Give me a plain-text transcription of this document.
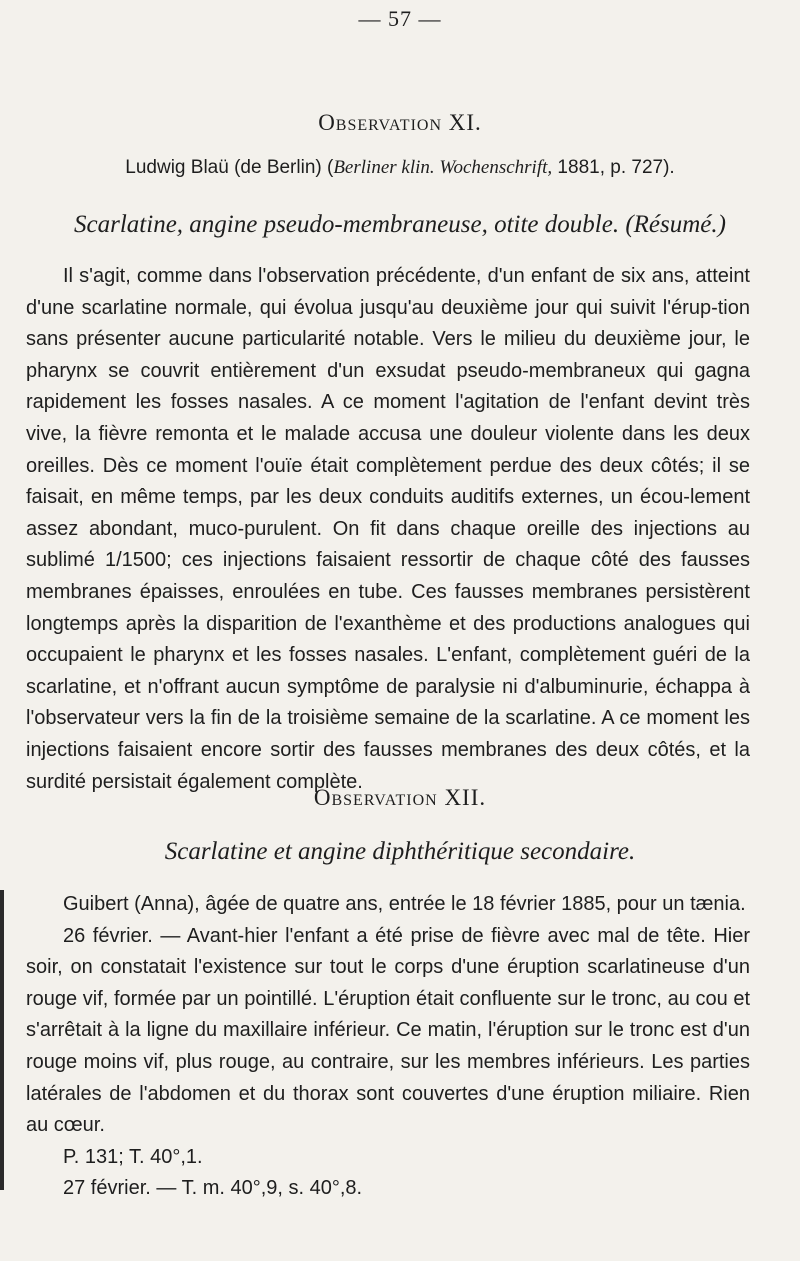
— 57 —
Observation XI.
Ludwig Blaü (de Berlin) (Berliner klin. Wochenschrift, 1881, p. 727).
Scarlatine, angine pseudo-membraneuse, otite double. (Résumé.)

Il s'agit, comme dans l'observation précédente, d'un enfant de six ans, atteint d'une scarlatine normale, qui évolua jusqu'au deuxième jour qui suivit l'érup-tion sans présenter aucune particularité notable. Vers le milieu du deuxième jour, le pharynx se couvrit entièrement d'un exsudat pseudo-membraneux qui gagna rapidement les fosses nasales. A ce moment l'agitation de l'enfant devint très vive, la fièvre remonta et le malade accusa une douleur violente dans les deux oreilles. Dès ce moment l'ouïe était complètement perdue des deux côtés; il se faisait, en même temps, par les deux conduits auditifs externes, un écou-lement assez abondant, muco-purulent. On fit dans chaque oreille des injections au sublimé 1/1500; ces injections faisaient ressortir de chaque côté des fausses membranes épaisses, enroulées en tube. Ces fausses membranes persistèrent longtemps après la disparition de l'exanthème et des productions analogues qui occupaient le pharynx et les fosses nasales. L'enfant, complètement guéri de la scarlatine, et n'offrant aucun symptôme de paralysie ni d'albuminurie, échappa à l'observateur vers la fin de la troisième semaine de la scarlatine. A ce moment les injections faisaient encore sortir des fausses membranes des deux côtés, et la surdité persistait également complète.

Observation XII.
Scarlatine et angine diphthéritique secondaire.

Guibert (Anna), âgée de quatre ans, entrée le 18 février 1885, pour un tænia.

26 février. — Avant-hier l'enfant a été prise de fièvre avec mal de tête. Hier soir, on constatait l'existence sur tout le corps d'une éruption scarlatineuse d'un rouge vif, formée par un pointillé. L'éruption était confluente sur le tronc, au cou et s'arrêtait à la ligne du maxillaire inférieur. Ce matin, l'éruption sur le tronc est d'un rouge moins vif, plus rouge, au contraire, sur les membres inférieurs. Les parties latérales de l'abdomen et du thorax sont couvertes d'une éruption miliaire. Rien au cœur.

P. 131; T. 40°,1.

27 février. — T. m. 40°,9, s. 40°,8.
